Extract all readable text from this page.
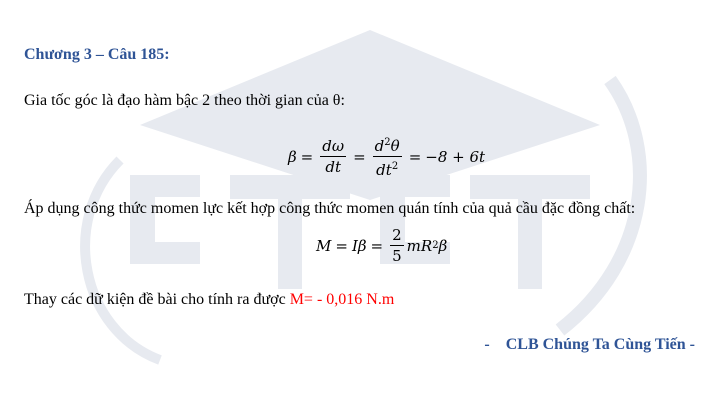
Chương 3 – Câu 185:
Gia tốc góc là đạo hàm bậc 2 theo thời gian của θ:
$\beta = \frac{d\omega}{dt} = \frac{d^2\theta}{dt^2} = -8 + 6t$
Áp dụng công thức momen lực kết hợp công thức momen quán tính của quả cầu đặc đồng chất:
$M = I\beta = \frac{2}{5}$ mR 2 β
Thay các dữ kiện đề bài cho tính ra được M= - 0,016 N.m
- CLB Chúng Ta Cùng Tiến -
